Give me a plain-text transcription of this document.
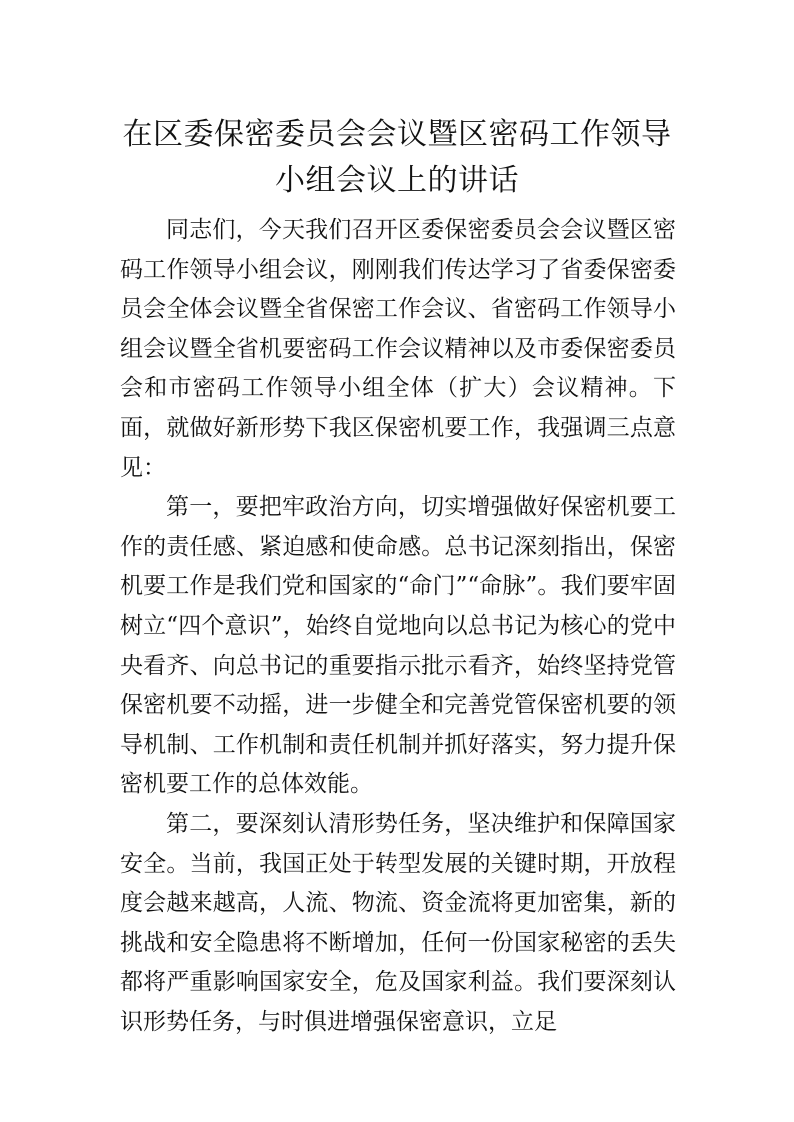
在区委保密委员会会议暨区密码工作领导
小组会议上的讲话

同志们，今天我们召开区委保密委员会会议暨区密码工作领导小组会议，刚刚我们传达学习了省委保密委员会全体会议暨全省保密工作会议、省密码工作领导小组会议暨全省机要密码工作会议精神以及市委保密委员会和市密码工作领导小组全体（扩大）会议精神。下面，就做好新形势下我区保密机要工作，我强调三点意见：

第一，要把牢政治方向，切实增强做好保密机要工作的责任感、紧迫感和使命感。总书记深刻指出，保密机要工作是我们党和国家的“命门”“命脉”。我们要牢固树立“四个意识”，始终自觉地向以总书记为核心的党中央看齐、向总书记的重要指示批示看齐，始终坚持党管保密机要不动摇，进一步健全和完善党管保密机要的领导机制、工作机制和责任机制并抓好落实，努力提升保密机要工作的总体效能。

第二，要深刻认清形势任务，坚决维护和保障国家安全。当前，我国正处于转型发展的关键时期，开放程度会越来越高，人流、物流、资金流将更加密集，新的挑战和安全隐患将不断增加，任何一份国家秘密的丢失都将严重影响国家安全，危及国家利益。我们要深刻认识形势任务，与时俱进增强保密意识，立足
